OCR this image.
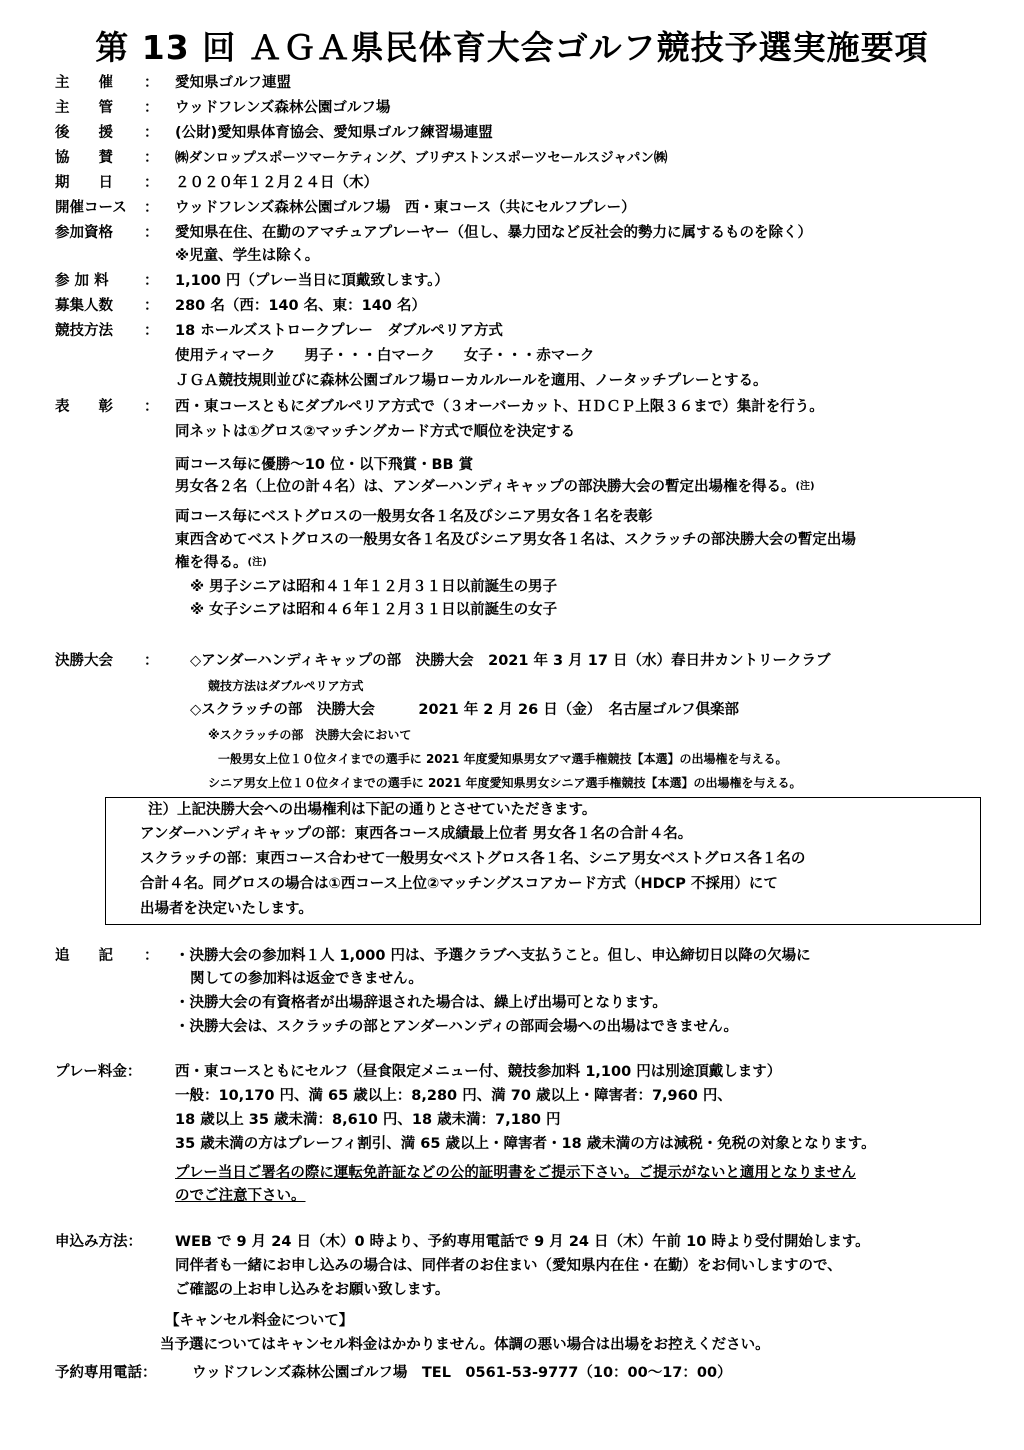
第 13 回 ＡＧＡ県民体育大会ゴルフ競技予選実施要項
主 催 ： 愛知県ゴルフ連盟
主 管 ： ウッドフレンズ森林公園ゴルフ場
後 援 ： (公財)愛知県体育協会、愛知県ゴルフ練習場連盟
協 賛 ： ㈱ダンロップスポーツマーケティング、ブリヂストンスポーツセールスジャパン㈱
期 日 ： ２０２０年１２月２４日（木）
開催コース ： ウッドフレンズ森林公園ゴルフ場　西・東コース（共にセルフプレー）
参加資格 ： 愛知県在住、在勤のアマチュアプレーヤー（但し、暴力団など反社会的勢力に属するものを除く）
※児童、学生は除く。
参 加 料 ： 1,100 円（プレー当日に頂戴致します。）
募集人数 ： 280 名（西：140 名、東：140 名）
競技方法 ： 18 ホールズストロークプレー　ダブルペリア方式
使用ティマーク　　男子・・・白マーク　　女子・・・赤マーク
ＪＧＡ競技規則並びに森林公園ゴルフ場ローカルルールを適用、ノータッチプレーとする。
表 彰 ： 西・東コースともにダブルペリア方式で（３オーバーカット、ＨＤＣＰ上限３６まで）集計を行う。
同ネットは①グロス②マッチングカード方式で順位を決定する
両コース毎に優勝～10 位・以下飛賞・BB 賞
男女各２名（上位の計４名）は、アンダーハンディキャップの部決勝大会の暫定出場権を得る。$^{(注)}$
両コース毎にベストグロスの一般男女各１名及びシニア男女各１名を表彰
東西含めてベストグロスの一般男女各１名及びシニア男女各１名は、スクラッチの部決勝大会の暫定出場
権を得る。$^{(注)}$
※ 男子シニアは昭和４１年１２月３１日以前誕生の男子
※ 女子シニアは昭和４６年１２月３１日以前誕生の女子
決勝大会 ： ◇アンダーハンディキャップの部　決勝大会　2021 年 3 月 17 日（水）春日井カントリークラブ
競技方法はダブルペリア方式
◇スクラッチの部　決勝大会　　　2021 年 2 月 26 日（金）　名古屋ゴルフ倶楽部
※スクラッチの部　決勝大会において
一般男女上位１０位タイまでの選手に 2021 年度愛知県男女アマ選手権競技【本選】の出場権を与える。
シニア男女上位１０位タイまでの選手に 2021 年度愛知県男女シニア選手権競技【本選】の出場権を与える。
注）上記決勝大会への出場権利は下記の通りとさせていただきます。
アンダーハンディキャップの部：東西各コース成績最上位者 男女各１名の合計４名。
スクラッチの部：東西コース合わせて一般男女ベストグロス各１名、シニア男女ベストグロス各１名の
合計４名。同グロスの場合は①西コース上位②マッチングスコアカード方式（HDCP 不採用）にて
出場者を決定いたします。
追 記 ： ・決勝大会の参加料１人 1,000 円は、予選クラブへ支払うこと。但し、申込締切日以降の欠場に
関しての参加料は返金できません。
・決勝大会の有資格者が出場辞退された場合は、繰上げ出場可となります。
・決勝大会は、スクラッチの部とアンダーハンディの部両会場への出場はできません。
プレー料金： 西・東コースともにセルフ（昼食限定メニュー付、競技参加料 1,100 円は別途頂戴します）
一般：10,170 円、満 65 歳以上：8,280 円、満 70 歳以上・障害者：7,960 円、
18 歳以上 35 歳未満：8,610 円、18 歳未満：7,180 円
35 歳未満の方はプレーフィ割引、満 65 歳以上・障害者・18 歳未満の方は減税・免税の対象となります。
プレー当日ご署名の際に運転免許証などの公的証明書をご提示下さい。ご提示がないと適用となりません
のでご注意下さい。
申込み方法： WEB で 9 月 24 日（木）0 時より、予約専用電話で 9 月 24 日（木）午前 10 時より受付開始します。
同伴者も一緒にお申し込みの場合は、同伴者のお住まい（愛知県内在住・在勤）をお伺いしますので、
ご確認の上お申し込みをお願い致します。
【キャンセル料金について】
当予選についてはキャンセル料金はかかりません。体調の悪い場合は出場をお控えください。
予約専用電話： ウッドフレンズ森林公園ゴルフ場　TEL　0561-53-9777（10：00～17：00）
